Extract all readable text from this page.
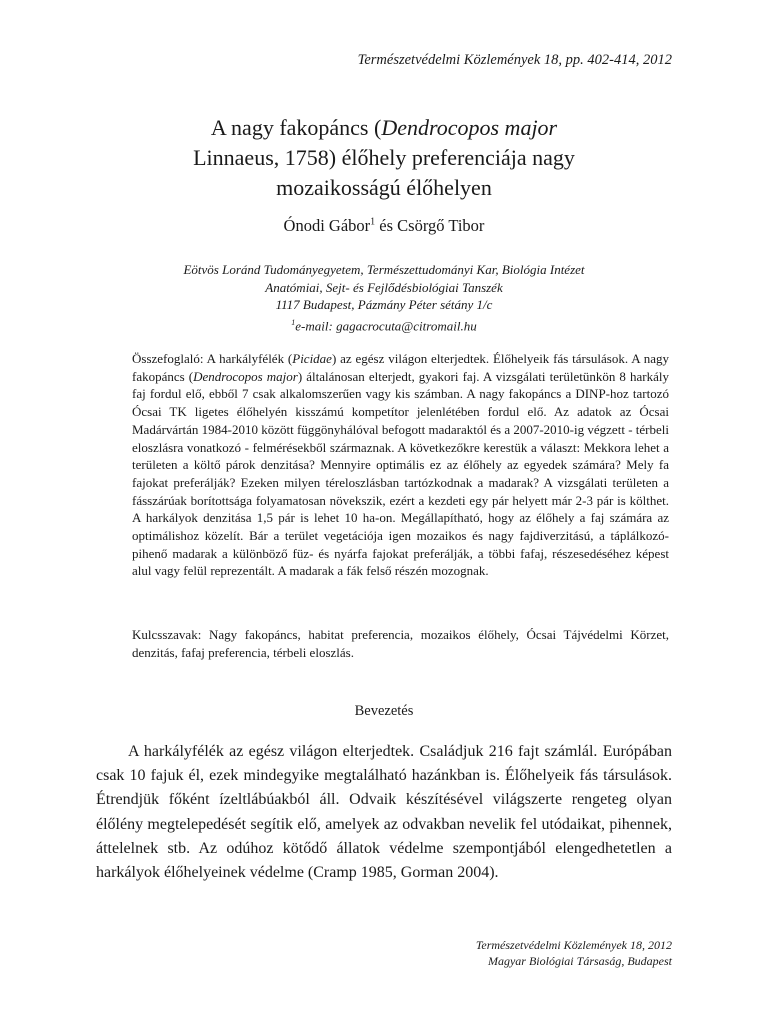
Természetvédelmi Közlemények 18, pp. 402-414, 2012
A nagy fakopáncs (Dendrocopos major
Linnaeus, 1758) élőhely preferenciája nagy
mozaikosságú élőhelyen
Ónodi Gábor$^1$ és Csörgő Tibor
Eötvös Loránd Tudományegyetem, Természettudományi Kar, Biológia Intézet
Anatómiai, Sejt- és Fejlődésbiológiai Tanszék
1117 Budapest, Pázmány Péter sétány 1/c
$^1$e-mail: gagacrocuta@citromail.hu

Összefoglaló: A harkályfélék (Picidae) az egész világon elterjedtek. Élőhelyeik fás társulások. A nagy fakopáncs (Dendrocopos major) általánosan elterjedt, gyakori faj. A vizsgálati területünkön 8 harkály faj fordul elő, ebből 7 csak alkalomszerűen vagy kis számban. A nagy fakopáncs a DINP-hoz tartozó Ócsai TK ligetes élőhelyén kisszámú kompetítor jelenlétében fordul elő. Az adatok az Ócsai Madárvártán 1984-2010 között függönyhálóval befogott madaraktól és a 2007-2010-ig végzett - térbeli eloszlásra vonatkozó - felmérésekből származnak. A következőkre kerestük a választ: Mekkora lehet a területen a költő párok denzitása? Mennyire optimális ez az élőhely az egyedek számára? Mely fa fajokat preferálják? Ezeken milyen téreloszlásban tartózkodnak a madarak? A vizsgálati területen a fásszárúak borítottsága folyamatosan növekszik, ezért a kezdeti egy pár helyett már 2-3 pár is költhet. A harkályok denzitása 1,5 pár is lehet 10 ha-on. Megállapítható, hogy az élőhely a faj számára az optimálishoz közelít. Bár a terület vegetációja igen mozaikos és nagy fajdiverzitású, a táplálkozó-pihenő madarak a különböző füz- és nyárfa fajokat preferálják, a többi fafaj, részesedéséhez képest alul vagy felül reprezentált. A madarak a fák felső részén mozognak.

Kulcsszavak: Nagy fakopáncs, habitat preferencia, mozaikos élőhely, Ócsai Tájvédelmi Körzet, denzitás, fafaj preferencia, térbeli eloszlás.

Bevezetés

A harkályfélék az egész világon elterjedtek. Családjuk 216 fajt számlál. Európában csak 10 fajuk él, ezek mindegyike megtalálható hazánkban is. Élőhelyeik fás társulások. Étrendjük főként ízeltlábúakból áll. Odvaik készítésével világszerte rengeteg olyan élőlény megtelepedését segítik elő, amelyek az odvakban nevelik fel utódaikat, pihennek, áttelelnek stb. Az odúhoz kötődő állatok védelme szempontjából elengedhetetlen a harkályok élőhelyeinek védelme (Cramp 1985, Gorman 2004).

Természetvédelmi Közlemények 18, 2012
Magyar Biológiai Társaság, Budapest
